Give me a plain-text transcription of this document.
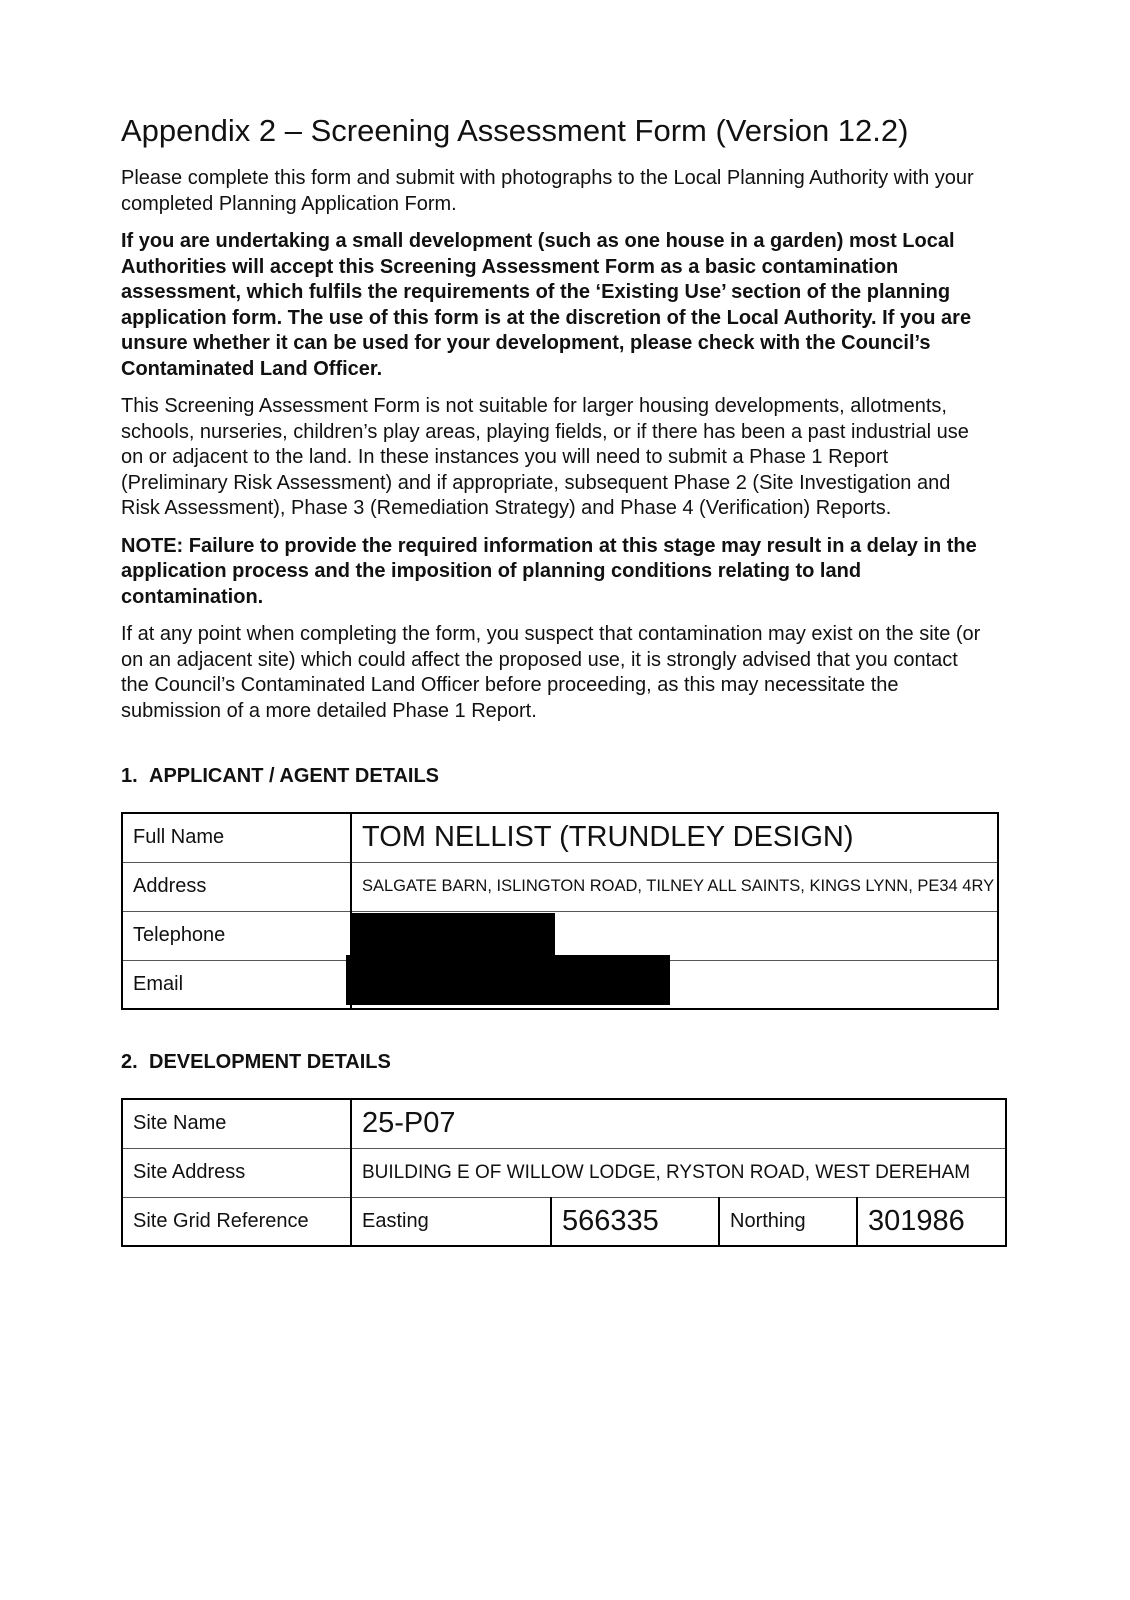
Appendix 2 – Screening Assessment Form (Version 12.2)

Please complete this form and submit with photographs to the Local Planning Authority with your completed Planning Application Form.

If you are undertaking a small development (such as one house in a garden) most Local Authorities will accept this Screening Assessment Form as a basic contamination assessment, which fulfils the requirements of the ‘Existing Use’ section of the planning application form. The use of this form is at the discretion of the Local Authority. If you are unsure whether it can be used for your development, please check with the Council’s Contaminated Land Officer.

This Screening Assessment Form is not suitable for larger housing developments, allotments, schools, nurseries, children’s play areas, playing fields, or if there has been a past industrial use on or adjacent to the land. In these instances you will need to submit a Phase 1 Report (Preliminary Risk Assessment) and if appropriate, subsequent Phase 2 (Site Investigation and Risk Assessment), Phase 3 (Remediation Strategy) and Phase 4 (Verification) Reports.

NOTE: Failure to provide the required information at this stage may result in a delay in the application process and the imposition of planning conditions relating to land contamination.

If at any point when completing the form, you suspect that contamination may exist on the site (or on an adjacent site) which could affect the proposed use, it is strongly advised that you contact the Council’s Contaminated Land Officer before proceeding, as this may necessitate the submission of a more detailed Phase 1 Report.

1. APPLICANT / AGENT DETAILS
Full Name	TOM NELLIST (TRUNDLEY DESIGN)
Address	SALGATE BARN, ISLINGTON ROAD, TILNEY ALL SAINTS, KINGS LYNN, PE34 4RY
Telephone	

Email	
2. DEVELOPMENT DETAILS
Site Name	25-P07			
Site Address	BUILDING E OF WILLOW LODGE, RYSTON ROAD, WEST DEREHAM			
Site Grid Reference	Easting	566335	Northing	301986
